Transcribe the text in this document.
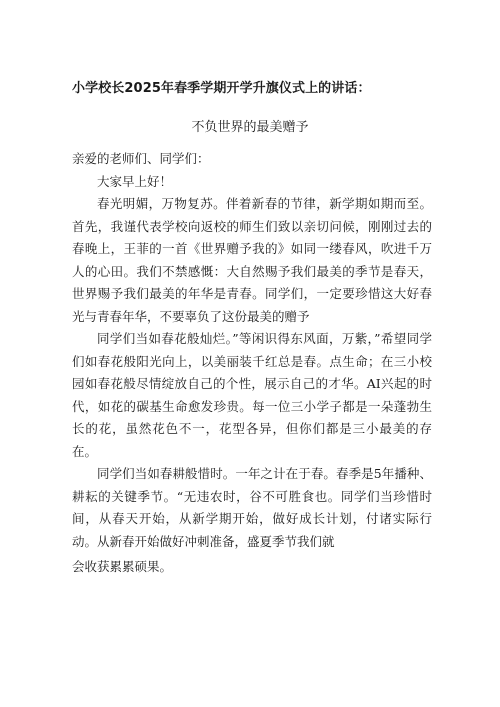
小学校长2025年春季学期开学升旗仪式上的讲话：
不负世界的最美赠予

亲爱的老师们、同学们：

大家早上好！

春光明媚，万物复苏。伴着新春的节律，新学期如期而至。首先，我谨代表学校向返校的师生们致以亲切问候，刚刚过去的春晚上，王菲的一首《世界赠予我的》如同一缕春风，吹进千万人的心田。我们不禁感慨：大自然赐予我们最美的季节是春天，世界赐予我们最美的年华是青春。同学们，一定要珍惜这大好春光与青春年华，不要辜负了这份最美的赠予

同学们当如春花般灿烂。”等闲识得东风面，万紫，”希望同学们如春花般阳光向上，以美丽装千红总是春。点生命；在三小校园如春花般尽情绽放自己的个性，展示自己的才华。AI兴起的时代，如花的碳基生命愈发珍贵。每一位三小学子都是一朵蓬勃生长的花，虽然花色不一，花型各异，但你们都是三小最美的存在。

同学们当如春耕般惜时。一年之计在于春。春季是5年播种、耕耘的关键季节。“无违农时，谷不可胜食也。同学们当珍惜时间，从春天开始，从新学期开始，做好成长计划，付诸实际行动。从新春开始做好冲刺准备，盛夏季节我们就

会收获累累硕果。
